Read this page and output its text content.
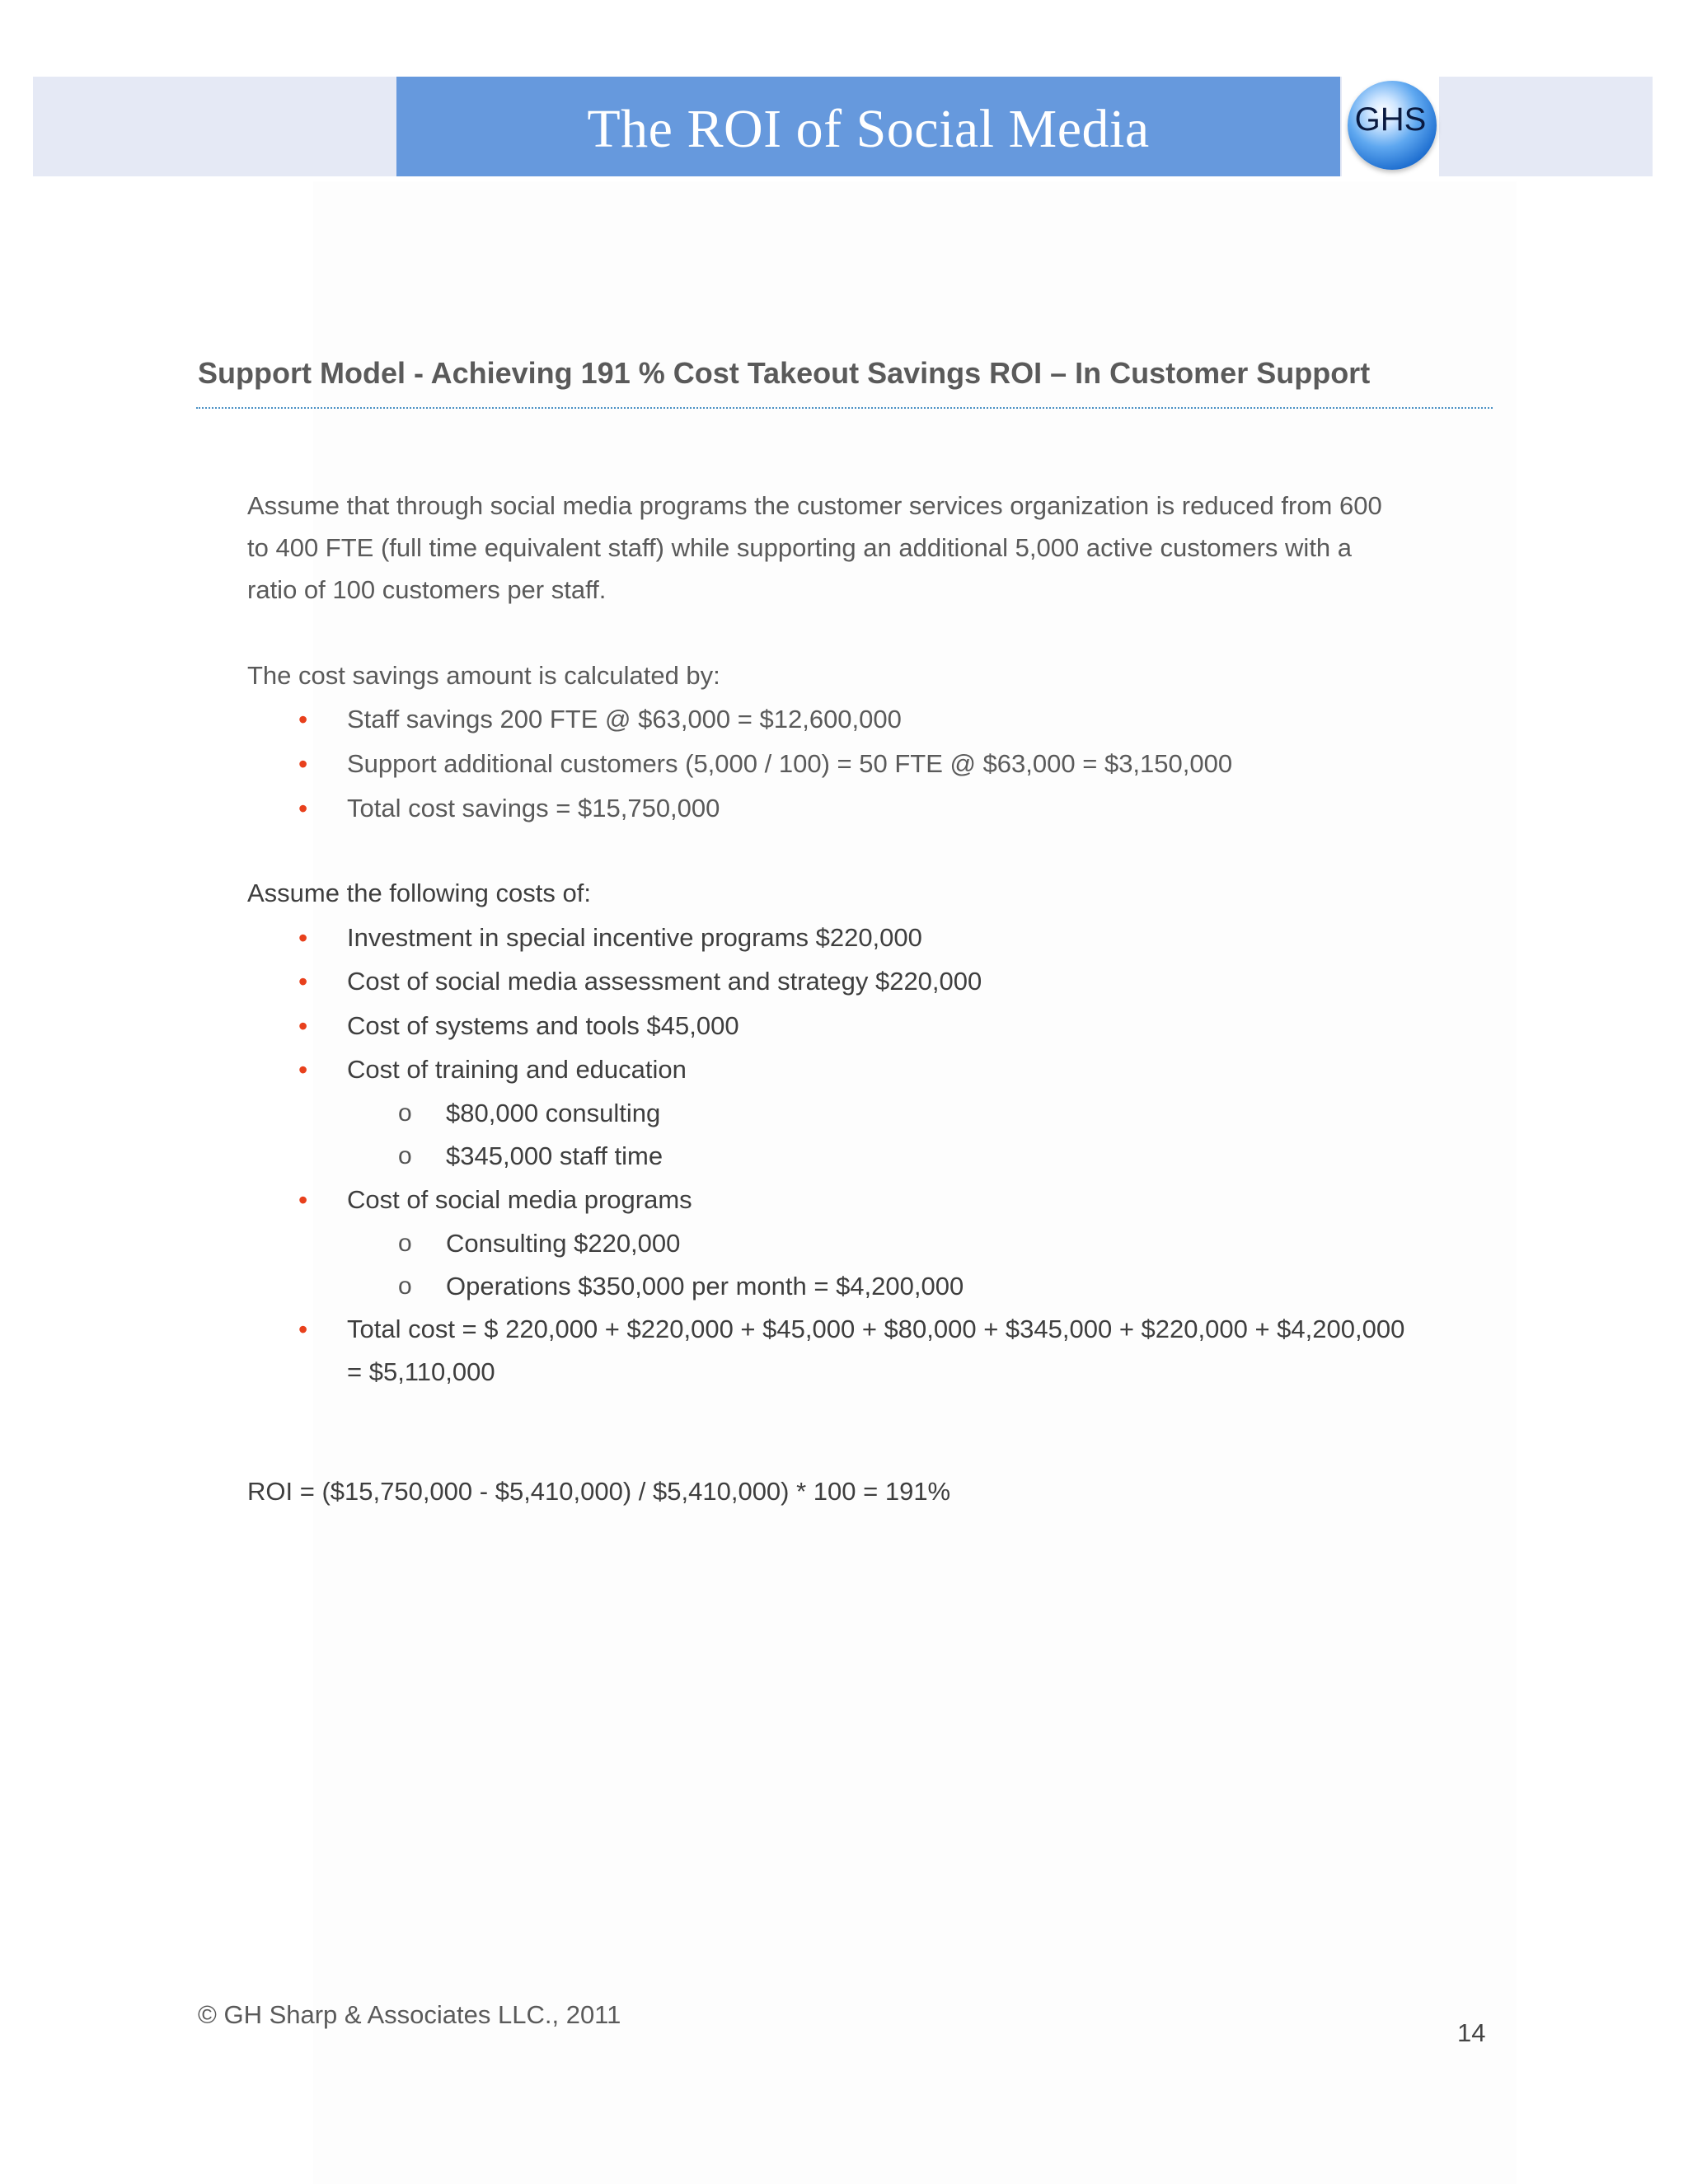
The ROI of Social Media	GHS
Support Model - Achieving 191 % Cost Takeout Savings ROI – In Customer Support
Assume that through social media programs the customer services organization is reduced from 600
to 400 FTE (full time equivalent staff) while supporting an additional 5,000 active customers with a
ratio of 100 customers per staff.
The cost savings amount is calculated by:
• Staff savings 200 FTE @ $63,000 = $12,600,000
• Support additional customers (5,000 / 100) = 50 FTE @ $63,000 = $3,150,000
• Total cost savings = $15,750,000
Assume the following costs of:
• Investment in special incentive programs $220,000
• Cost of social media assessment and strategy $220,000
• Cost of systems and tools $45,000
• Cost of training and education
o $80,000 consulting
o $345,000 staff time
• Cost of social media programs
o Consulting $220,000
o Operations $350,000 per month = $4,200,000
• Total cost = $ 220,000 + $220,000 + $45,000 + $80,000 + $345,000 + $220,000 + $4,200,000
= $5,110,000
ROI = ($15,750,000 - $5,410,000) / $5,410,000) * 100 = 191%
© GH Sharp & Associates LLC., 2011
14
